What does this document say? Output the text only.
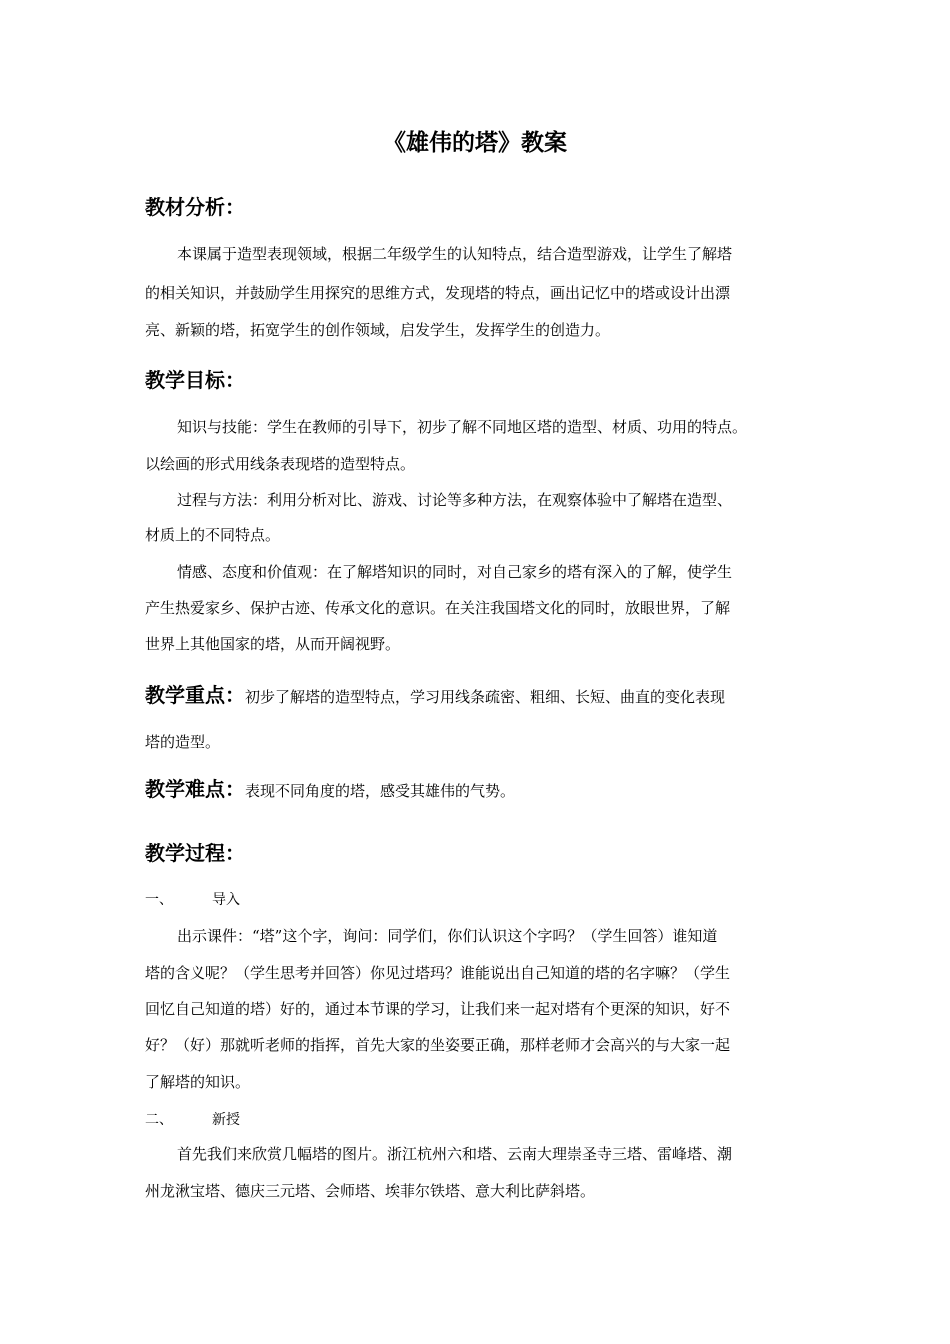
《雄伟的塔》教案
教材分析：
本课属于造型表现领域，根据二年级学生的认知特点，结合造型游戏，让学生了解塔
的相关知识，并鼓励学生用探究的思维方式，发现塔的特点，画出记忆中的塔或设计出漂
亮、新颖的塔，拓宽学生的创作领域，启发学生，发挥学生的创造力。
教学目标：
知识与技能：学生在教师的引导下，初步了解不同地区塔的造型、材质、功用的特点。
以绘画的形式用线条表现塔的造型特点。
过程与方法：利用分析对比、游戏、讨论等多种方法，在观察体验中了解塔在造型、
材质上的不同特点。
情感、态度和价值观：在了解塔知识的同时，对自己家乡的塔有深入的了解，使学生
产生热爱家乡、保护古迹、传承文化的意识。在关注我国塔文化的同时，放眼世界，了解
世界上其他国家的塔，从而开阔视野。
教学重点：初步了解塔的造型特点，学习用线条疏密、粗细、长短、曲直的变化表现
塔的造型。
教学难点：表现不同角度的塔，感受其雄伟的气势。
教学过程：
一、	导入
出示课件：“塔”这个字，询问：同学们，你们认识这个字吗？（学生回答）谁知道
塔的含义呢？（学生思考并回答）你见过塔玛？谁能说出自己知道的塔的名字嘛？（学生
回忆自己知道的塔）好的，通过本节课的学习，让我们来一起对塔有个更深的知识，好不
好？（好）那就听老师的指挥，首先大家的坐姿要正确，那样老师才会高兴的与大家一起
了解塔的知识。
二、	新授
首先我们来欣赏几幅塔的图片。浙江杭州六和塔、云南大理崇圣寺三塔、雷峰塔、潮
州龙湫宝塔、德庆三元塔、会师塔、埃菲尔铁塔、意大利比萨斜塔。
